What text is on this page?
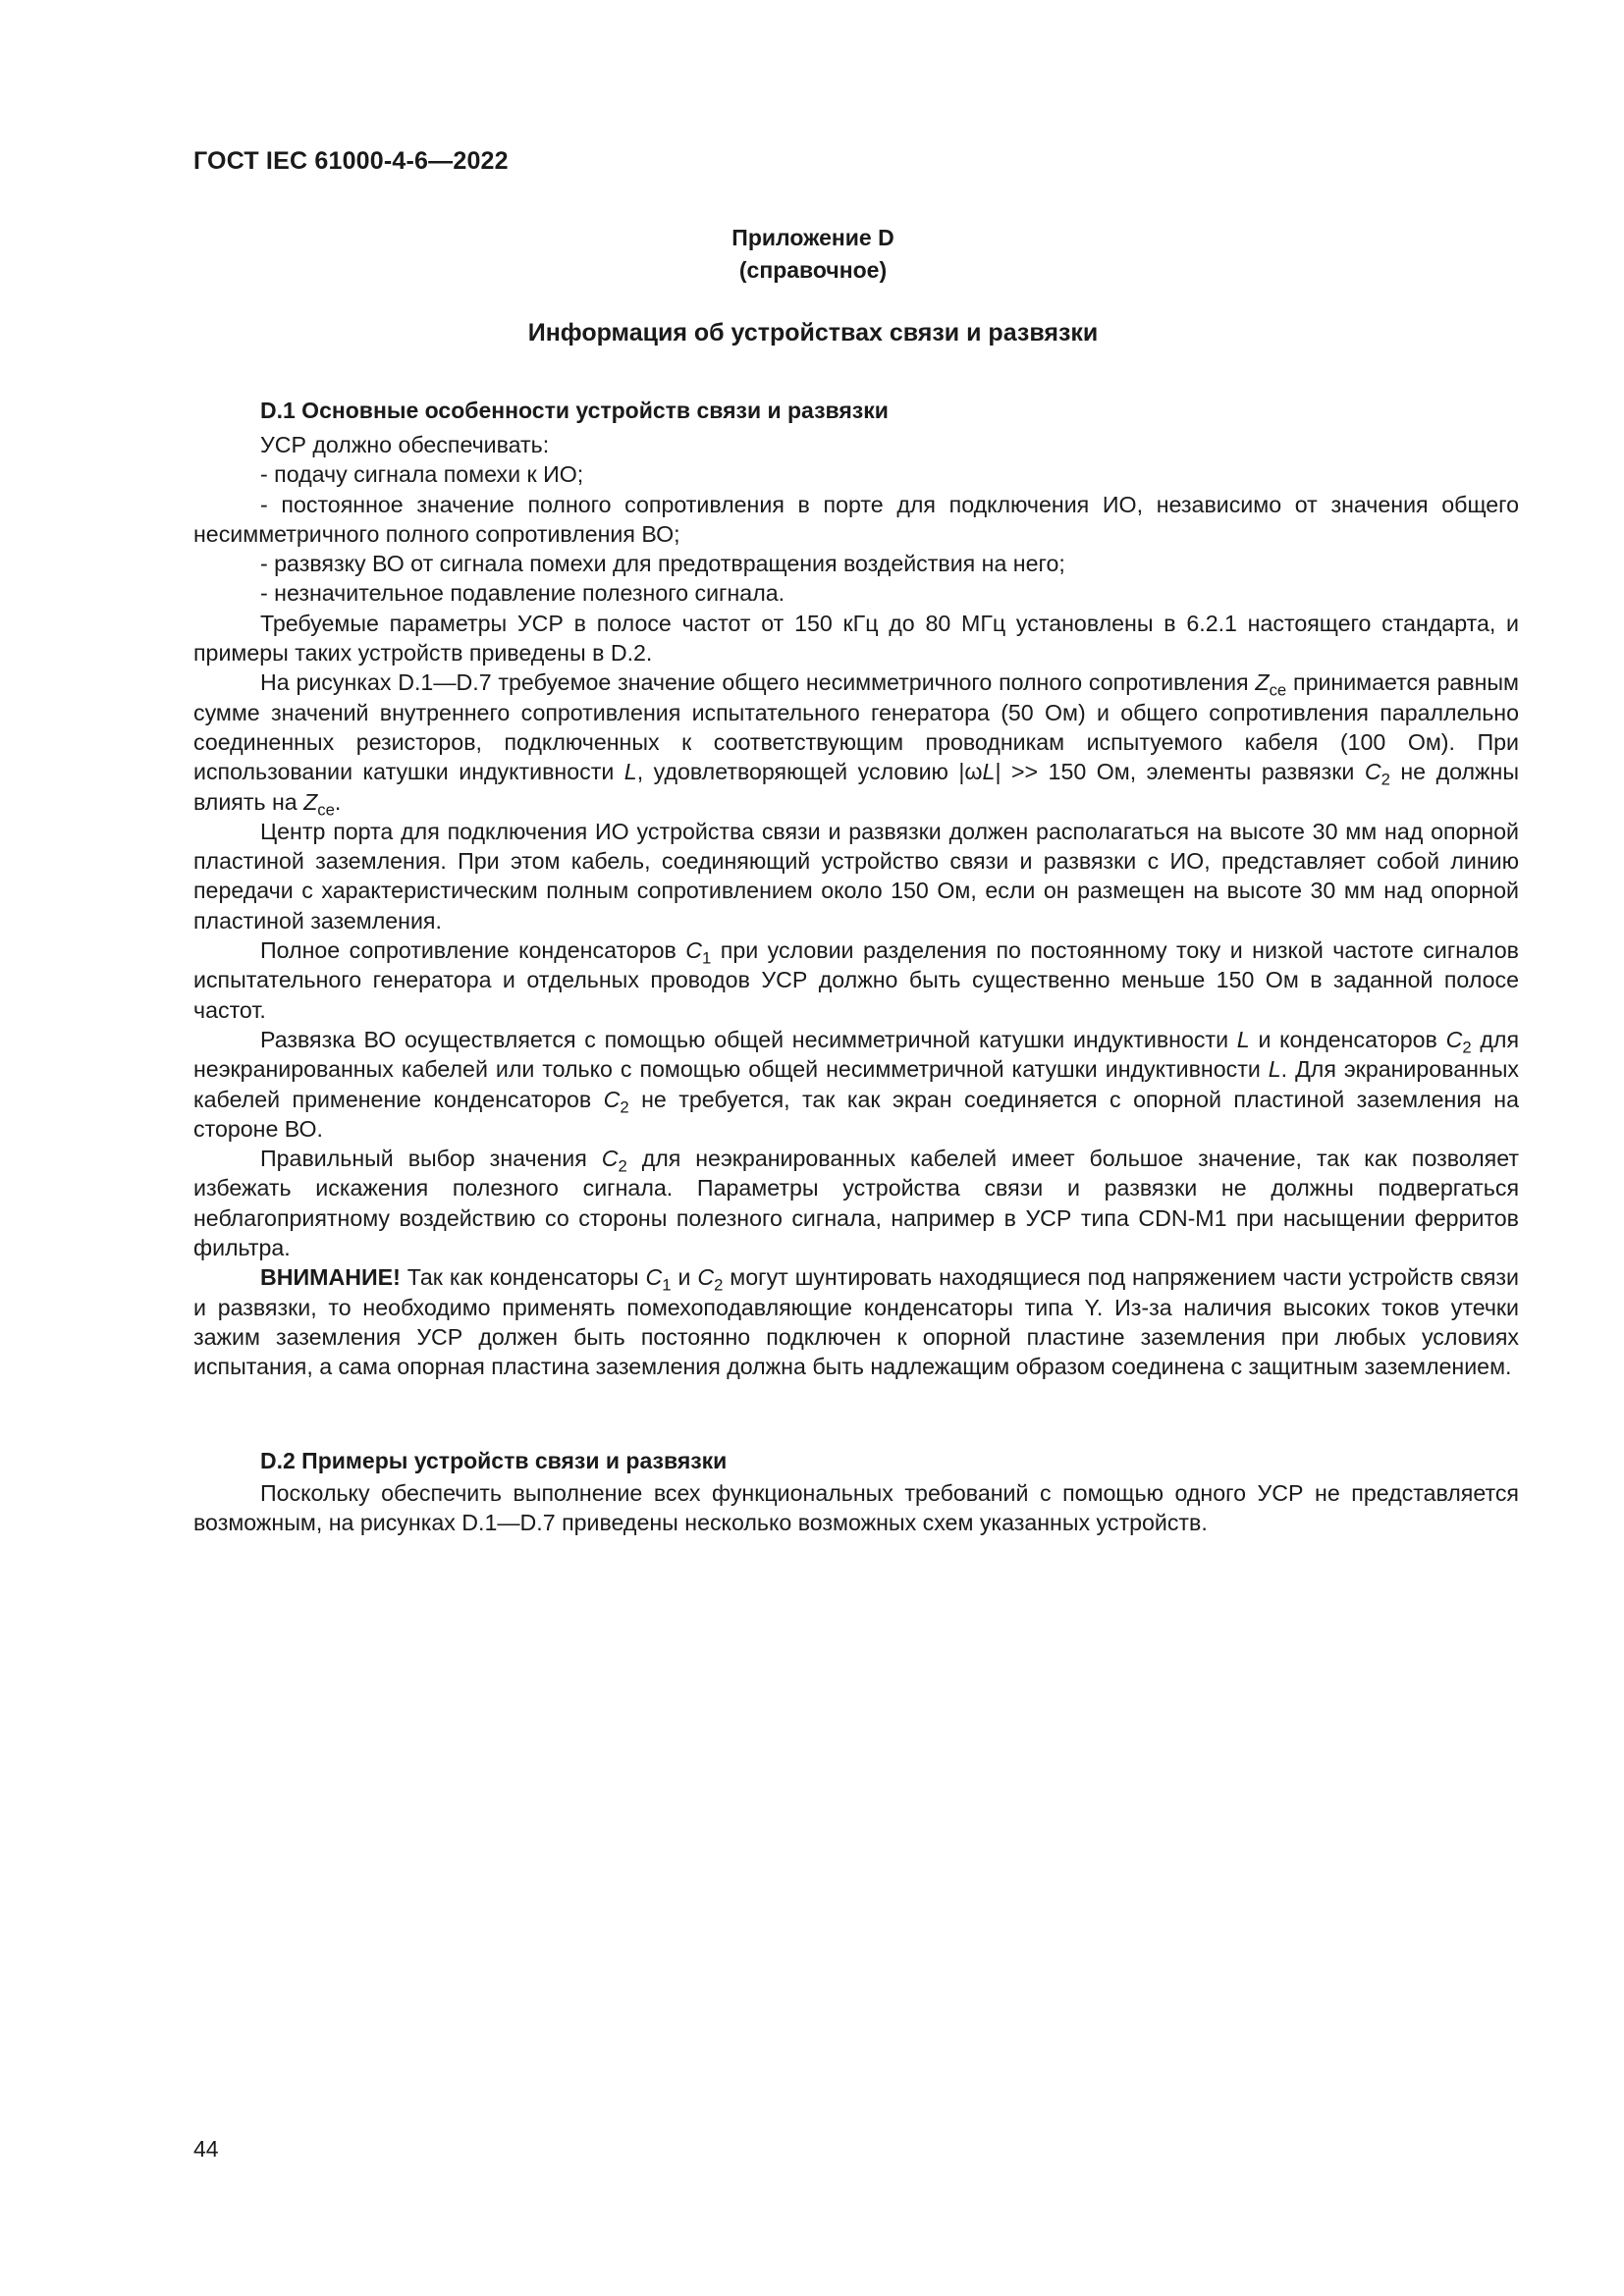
ГОСТ IEC 61000-4-6—2022
Приложение D
(справочное)
Информация об устройствах связи и развязки
D.1 Основные особенности устройств связи и развязки

УСР должно обеспечивать:

- подачу сигнала помехи к ИО;

- постоянное значение полного сопротивления в порте для подключения ИО, независимо от значения общего несимметричного полного сопротивления ВО;

- развязку ВО от сигнала помехи для предотвращения воздействия на него;

- незначительное подавление полезного сигнала.

Требуемые параметры УСР в полосе частот от 150 кГц до 80 МГц установлены в 6.2.1 настоящего стандарта, и примеры таких устройств приведены в D.2.

На рисунках D.1—D.7 требуемое значение общего несимметричного полного сопротивления $Z_{ce}$ принимается равным сумме значений внутреннего сопротивления испытательного генератора (50 Ом) и общего сопротивления параллельно соединенных резисторов, подключенных к соответствующим проводникам испытуемого кабеля (100 Ом). При использовании катушки индуктивности L, удовлетворяющей условию |ωL| >> 150 Ом, элементы развязки $C_2$ не должны влиять на $Z_{ce}$.

Центр порта для подключения ИО устройства связи и развязки должен располагаться на высоте 30 мм над опорной пластиной заземления. При этом кабель, соединяющий устройство связи и развязки с ИО, представляет собой линию передачи с характеристическим полным сопротивлением около 150 Ом, если он размещен на высоте 30 мм над опорной пластиной заземления.

Полное сопротивление конденсаторов $C_1$ при условии разделения по постоянному току и низкой частоте сигналов испытательного генератора и отдельных проводов УСР должно быть существенно меньше 150 Ом в заданной полосе частот.

Развязка ВО осуществляется с помощью общей несимметричной катушки индуктивности L и конденсаторов $C_2$ для неэкранированных кабелей или только с помощью общей несимметричной катушки индуктивности L. Для экранированных кабелей применение конденсаторов $C_2$ не требуется, так как экран соединяется с опорной пластиной заземления на стороне ВО.

Правильный выбор значения $C_2$ для неэкранированных кабелей имеет большое значение, так как позволяет избежать искажения полезного сигнала. Параметры устройства связи и развязки не должны подвергаться неблагоприятному воздействию со стороны полезного сигнала, например в УСР типа CDN-M1 при насыщении ферритов фильтра.

ВНИМАНИЕ! Так как конденсаторы $C_1$ и $C_2$ могут шунтировать находящиеся под напряжением части устройств связи и развязки, то необходимо применять помехоподавляющие конденсаторы типа Y. Из-за наличия высоких токов утечки зажим заземления УСР должен быть постоянно подключен к опорной пластине заземления при любых условиях испытания, а сама опорная пластина заземления должна быть надлежащим образом соединена с защитным заземлением.

D.2 Примеры устройств связи и развязки

Поскольку обеспечить выполнение всех функциональных требований с помощью одного УСР не представляется возможным, на рисунках D.1—D.7 приведены несколько возможных схем указанных устройств.

44
